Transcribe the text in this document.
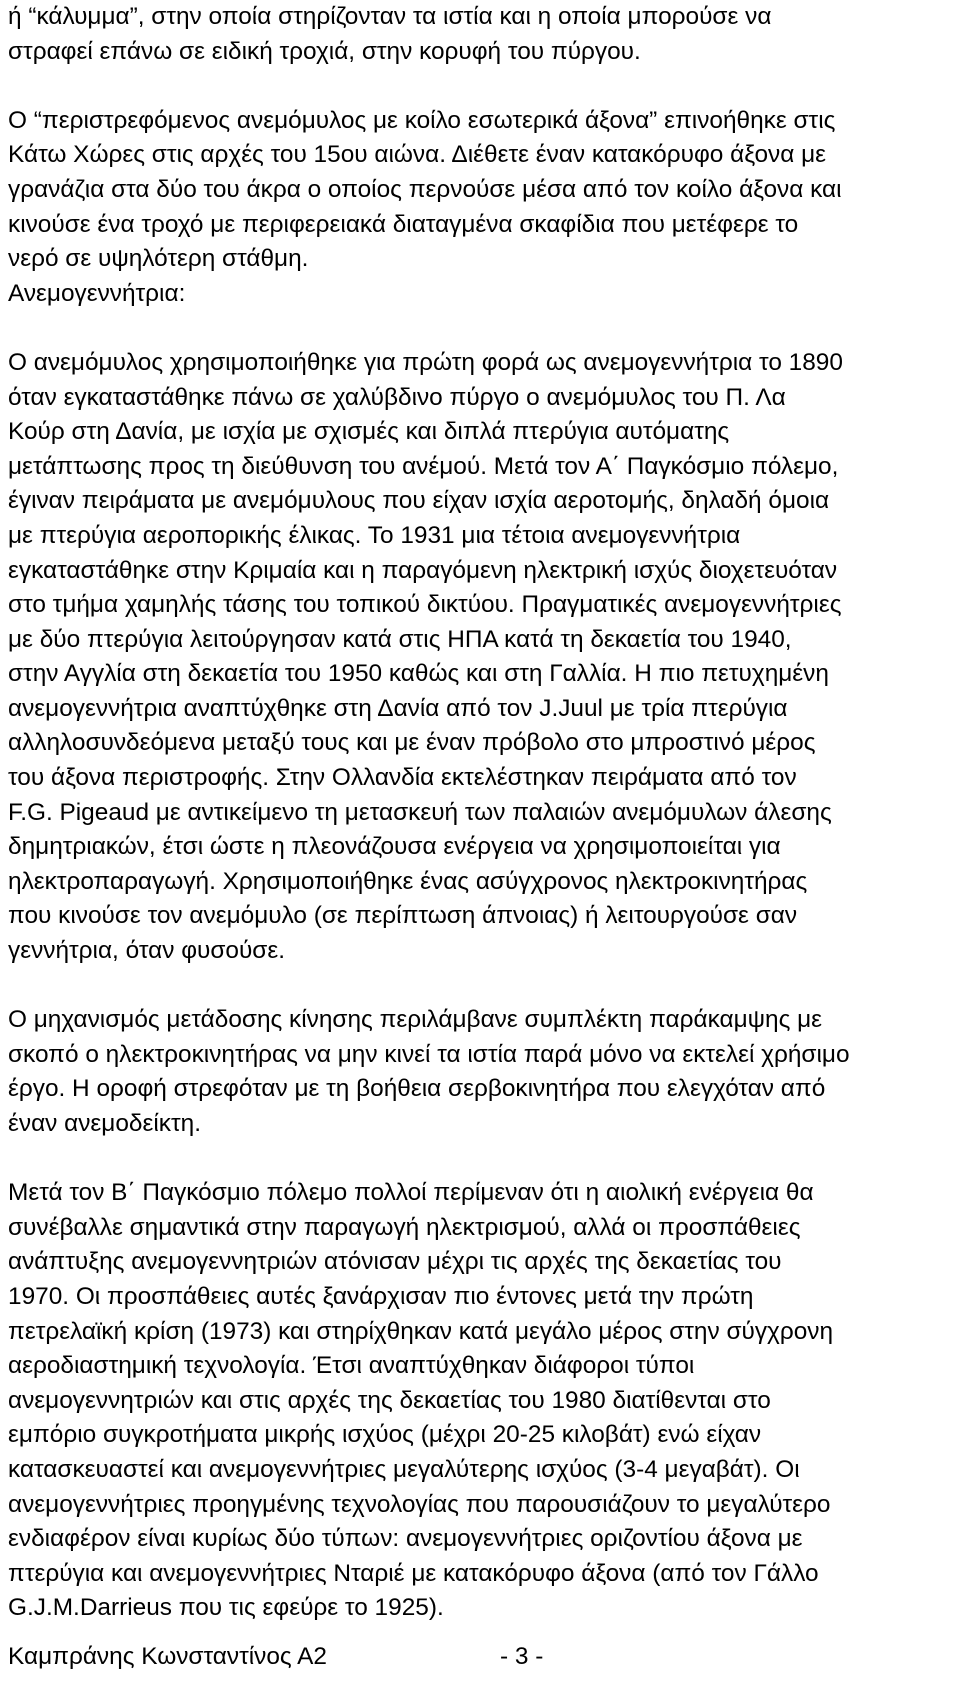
ή “κάλυμμα”, στην οποία στηρίζονταν τα ιστία και η οποία μπορούσε να
στραφεί επάνω σε ειδική τροχιά, στην κορυφή του πύργου.
Ο “περιστρεφόμενος ανεμόμυλος με κοίλο εσωτερικά άξονα” επινοήθηκε στις
Κάτω Χώρες στις αρχές του 15ου αιώνα. Διέθετε έναν κατακόρυφο άξονα με
γρανάζια στα δύο του άκρα ο οποίος περνούσε μέσα από τον κοίλο άξονα και
κινούσε ένα τροχό με περιφερειακά διαταγμένα σκαφίδια που μετέφερε το
νερό σε υψηλότερη στάθμη.
Ανεμογεννήτρια:
Ο ανεμόμυλος χρησιμοποιήθηκε για πρώτη φορά ως ανεμογεννήτρια το 1890
όταν εγκαταστάθηκε πάνω σε χαλύβδινο πύργο ο ανεμόμυλος του Π. Λα
Κούρ στη Δανία, με ισχία με σχισμές και διπλά πτερύγια αυτόματης
μετάπτωσης προς τη διεύθυνση του ανέμού. Μετά τον Α΄ Παγκόσμιο πόλεμο,
έγιναν πειράματα με ανεμόμυλους που είχαν ισχία αεροτομής, δηλαδή όμοια
με πτερύγια αεροπορικής έλικας. Το 1931 μια τέτοια ανεμογεννήτρια
εγκαταστάθηκε στην Κριμαία και η παραγόμενη ηλεκτρική ισχύς διοχετευόταν
στο τμήμα χαμηλής τάσης του τοπικού δικτύου. Πραγματικές ανεμογεννήτριες
με δύο πτερύγια λειτούργησαν κατά στις ΗΠΑ κατά τη δεκαετία του 1940,
στην Αγγλία στη δεκαετία του 1950 καθώς και στη Γαλλία. Η πιο πετυχημένη
ανεμογεννήτρια αναπτύχθηκε στη Δανία από τον J.Juul με τρία πτερύγια
αλληλοσυνδεόμενα μεταξύ τους και με έναν πρόβολο στο μπροστινό μέρος
του άξονα περιστροφής. Στην Ολλανδία εκτελέστηκαν πειράματα από τον
F.G. Pigeaud με αντικείμενο τη μετασκευή των παλαιών ανεμόμυλων άλεσης
δημητριακών, έτσι ώστε η πλεονάζουσα ενέργεια να χρησιμοποιείται για
ηλεκτροπαραγωγή. Χρησιμοποιήθηκε ένας ασύγχρονος ηλεκτροκινητήρας
που κινούσε τον ανεμόμυλο (σε περίπτωση άπνοιας) ή λειτουργούσε σαν
γεννήτρια, όταν φυσούσε.
Ο μηχανισμός μετάδοσης κίνησης περιλάμβανε συμπλέκτη παράκαμψης με
σκοπό ο ηλεκτροκινητήρας να μην κινεί τα ιστία παρά μόνο να εκτελεί χρήσιμο
έργο. Η οροφή στρεφόταν με τη βοήθεια σερβοκινητήρα που ελεγχόταν από
έναν ανεμοδείκτη.
Μετά τον Β΄ Παγκόσμιο πόλεμο πολλοί περίμεναν ότι η αιολική ενέργεια θα
συνέβαλλε σημαντικά στην παραγωγή ηλεκτρισμού, αλλά οι προσπάθειες
ανάπτυξης ανεμογεννητριών ατόνισαν μέχρι τις αρχές της δεκαετίας του
1970. Οι προσπάθειες αυτές ξανάρχισαν πιο έντονες μετά την πρώτη
πετρελαϊκή κρίση (1973) και στηρίχθηκαν κατά μεγάλο μέρος στην σύγχρονη
αεροδιαστημική τεχνολογία. Έτσι αναπτύχθηκαν διάφοροι τύποι
ανεμογεννητριών και στις αρχές της δεκαετίας του 1980 διατίθενται στο
εμπόριο συγκροτήματα μικρής ισχύος (μέχρι 20-25 κιλοβάτ) ενώ είχαν
κατασκευαστεί και ανεμογεννήτριες μεγαλύτερης ισχύος (3-4 μεγαβάτ). Οι
ανεμογεννήτριες προηγμένης τεχνολογίας που παρουσιάζουν το μεγαλύτερο
ενδιαφέρον είναι κυρίως δύο τύπων: ανεμογεννήτριες οριζοντίου άξονα με
πτερύγια και ανεμογεννήτριες Νταριέ με κατακόρυφο άξονα (από τον Γάλλο
G.J.M.Darrieus που τις εφεύρε το 1925).
Καμπράνης Κωνσταντίνος Α2	- 3 -
